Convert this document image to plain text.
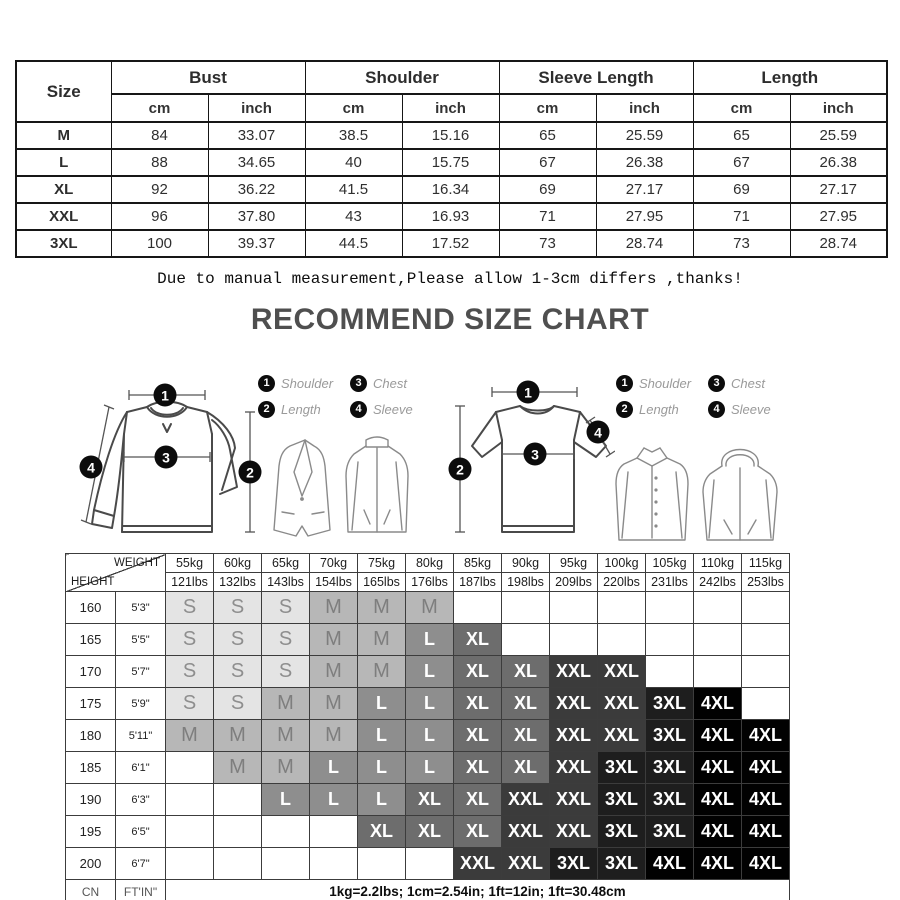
Size	Bust		Shoulder		Sleeve Length		Length	
	cm	inch	cm	inch	cm	inch	cm	inch
M	84	33.07	38.5	15.16	65	25.59	65	25.59
L	88	34.65	40	15.75	67	26.38	67	26.38
XL	92	36.22	41.5	16.34	69	27.17	69	27.17
XXL	96	37.80	43	16.93	71	27.95	71	27.95
3XL	100	39.37	44.5	17.52	73	28.74	73	28.74
Due to manual measurement,Please allow 1-3cm differs ,thanks!
RECOMMEND SIZE CHART
1
3
2
4
1 Shoulder	3 Chest
2 Length	4 Sleeve
1
2
3
4
1 Shoulder	3 Chest
2 Length	4 Sleeve
WEIGHT
HEIGHT		55kg	60kg	65kg	70kg	75kg	80kg	85kg	90kg	95kg	100kg	105kg	110kg	115kg
		121lbs	132lbs	143lbs	154lbs	165lbs	176lbs	187lbs	198lbs	209lbs	220lbs	231lbs	242lbs	253lbs
160	5'3"	S	S	S	M	M	M							
165	5'5"	S	S	S	M	M	L	XL						
170	5'7"	S	S	S	M	M	L	XL	XL	XXL	XXL			
175	5'9"	S	S	M	M	L	L	XL	XL	XXL	XXL	3XL	4XL	
180	5'11"	M	M	M	M	L	L	XL	XL	XXL	XXL	3XL	4XL	4XL
185	6'1"		M	M	L	L	L	XL	XL	XXL	3XL	3XL	4XL	4XL
190	6'3"			L	L	L	XL	XL	XXL	XXL	3XL	3XL	4XL	4XL
195	6'5"					XL	XL	XL	XXL	XXL	3XL	3XL	4XL	4XL
200	6'7"							XXL	XXL	3XL	3XL	4XL	4XL	4XL
CN	FT'IN"	1kg=2.2lbs; 1cm=2.54in; 1ft=12in; 1ft=30.48cm												
